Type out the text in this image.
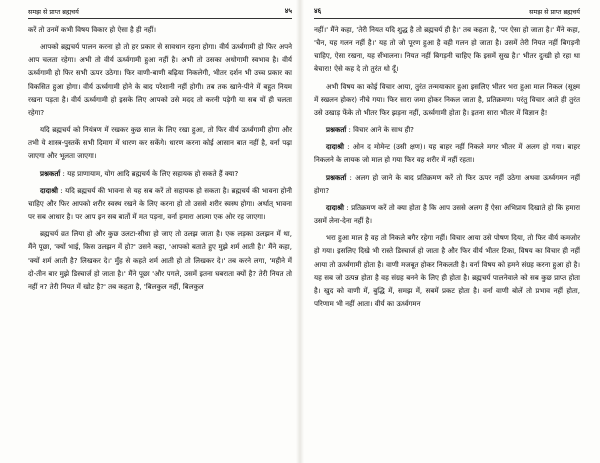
समझ से प्राप्त ब्रह्मचर्य	४५

करें तो उनमें कभी विषय विकार हो ऐसा है ही नहीं।

आपको ब्रह्मचर्य पालन करना हो तो हर प्रकार से सावधान रहना होगा। वीर्य ऊर्ध्वगामी हो फिर अपने आप चलता रहेगा। अभी तो वीर्य ऊर्ध्वगामी हुआ नहीं है। अभी तो उसका अधोगामी स्वभाव है। वीर्य ऊर्ध्वगामी हो फिर सभी ऊपर उठेगा। फिर वाणी-बाणी बढ़िया निकलेगी, भीतर दर्शन भी उच्च प्रकार का विकसित हुआ होगा। वीर्य ऊर्ध्वगामी होने के बाद परेशानी नहीं होगी। तब तक खाने-पीने में बहुत नियम रखना पड़ता है। वीर्य ऊर्ध्वगामी हो इसके लिए आपको उसे मदद तो करनी पड़ेगी या सब यों ही चलता रहेगा?

यदि ब्रह्मचर्य को नियंत्रण में रखकर कुछ साल के लिए रखा हुआ, तो फिर वीर्य ऊर्ध्वगामी होगा और तभी ये शास्त्र-पुस्तकें सभी दिमाग में धारण कर सकेंगे। धारण करना कोई आसान बात नहीं है, वर्ना पढ़ा जाएगा और भूलता जाएगा।

प्रश्नकर्ता : यह प्राणायाम, योग आदि ब्रह्मचर्य के लिए सहायक हो सकते हैं क्या?

दादाश्री : यदि ब्रह्मचर्य की भावना से यह सब करें तो सहायक हो सकता है। ब्रह्मचर्य की भावना होनी चाहिए और फिर आपको शरीर स्वस्थ रखने के लिए करना हो तो उससे शरीर स्वस्थ होगा। अर्थात् भावना पर सब आधार है। पर आप इन सब बातों में मत पड़ना, वर्ना हमारा आत्मा एक ओर रह जाएगा।

ब्रह्मचर्य व्रत लिया हो और कुछ उलटा-सीधा हो जाए तो उलझ जाता है। एक लड़का उलझन में था, मैंने पूछा, 'क्यों भाई, किस उलझन में हो?' उसने कहा, 'आपको बताते हुए मुझे शर्म आती है।' मैंने कहा, 'क्यों शर्म आती है? लिखकर दे।' मुँह से कहते शर्म आती हो तो लिखकर दे।' तब करने लगा, 'महीने में दो-तीन बार मुझे डिस्चार्ज हो जाता है।' मैंने पूछा 'और पगले, उसमें इतना घबराता क्यों है? तेरी नियत तो नहीं न? तेरी नियत में खोट है?' तब कहता है, 'बिलकुल नहीं, बिलकुल

४६	समझ से प्राप्त ब्रह्मचर्य

नहीं।' मैंने कहा, 'तेरी नियत यदि शुद्ध है तो ब्रह्मचर्य ही है।' तब कहता है, 'पर ऐसा हो जाता है।' मैंने कहा, 'चैन, यह गलन नहीं है।' यह तो जो पूरण हुआ है वही गलन हो जाता है। उसमें तेरी नियत नहीं बिगड़नी चाहिए, ऐसा रखना, यह सँभालना। नियत नहीं बिगड़नी चाहिए कि इसमें सुख है।' भीतर दुःखी हो रहा था बेचारा! ऐसे कह दे तो तुरंत धो दूँ।

अभी विषय का कोई विचार आया, तुरंत तन्मयाकार हुआ इसलिए भीतर भरा हुआ माल निकल (सूक्ष्म में स्खलन होकर) नीचे गया। फिर सारा जमा होकर निकल जाता है, प्रतिक्रमण। परंतु विचार आते ही तुरंत उसे उखाड़ फेंके तो भीतर फिर झड़ना नहीं, ऊर्ध्वगामी होता है। इतना सारा भीतर में विज्ञान है!

प्रश्नकर्ता : विचार आने के साथ ही?

दादाश्री : ओन द मोमेन्ट (उसी क्षण)। यह बाहर नहीं निकले मगर भीतर में अलग हो गया। बाहर निकलने के लायक जो माल हो गया फिर वह शरीर में नहीं रहता।

प्रश्नकर्ता : अलग हो जाने के बाद प्रतिक्रमण करें तो फिर ऊपर नहीं उठेगा अथवा ऊर्ध्वगमन नहीं होगा?

दादाश्री : प्रतिक्रमण करें तो क्या होता है कि आप उससे अलग हैं ऐसा अभिप्राय दिखाते हो कि हमारा उसमें लेना-देना नहीं है।

भरा हुआ माल है वह तो निकले बगैर रहेगा नहीं। विचार आया उसे पोषण दिया, तो फिर वीर्य कमजोर हो गया। इसलिए दिखे भी रास्ते डिस्चार्ज हो जाता है और फिर वीर्य भीतर टिका, विषय का विचार ही नहीं आया तो ऊर्ध्वगामी होता है। वाणी मजबूत होकर निकलती है। वर्ना विषय को हमने संग्रह करना हुआ हो है। यह सब जो उत्पन्न होता है वह संग्रह बनने के लिए ही होता है। ब्रह्मचर्य पालनेवाले को सब कुछ प्राप्त होता है। खुद को वाणी में, बुद्धि में, समझ में, सबमें प्रकट होता है। वर्ना वाणी बोलें तो प्रभाव नहीं होता, परिणाम भी नहीं आता। वीर्य का ऊर्ध्वगमन
